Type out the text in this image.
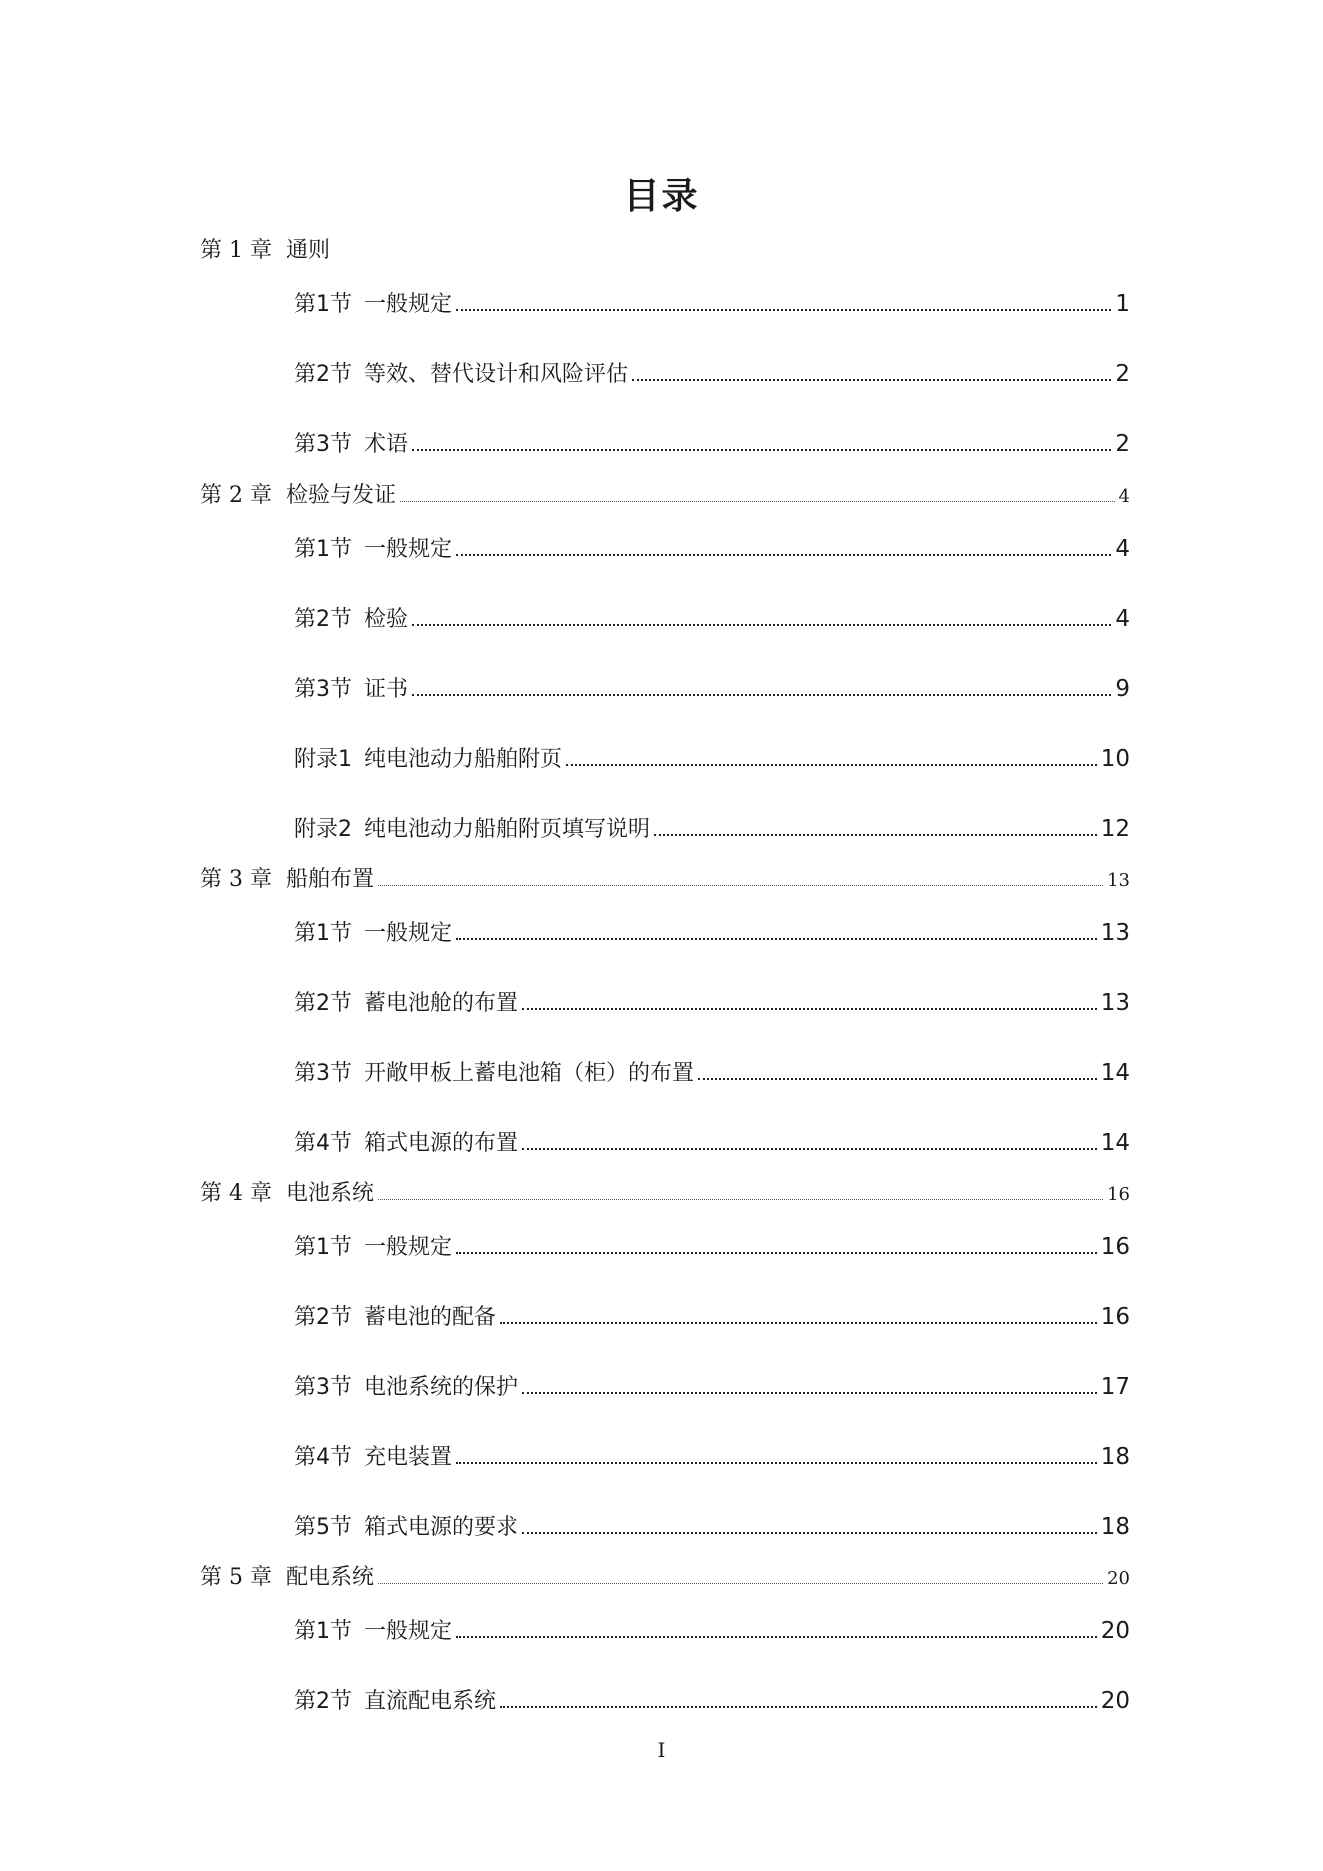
目录
第 1 章 通则
第1节 一般规定	1
第2节 等效、替代设计和风险评估	2
第3节 术语	2
第 2 章 检验与发证	4
第1节 一般规定	4
第2节 检验	4
第3节 证书	9
附录1 纯电池动力船舶附页	10
附录2 纯电池动力船舶附页填写说明	12
第 3 章 船舶布置	13
第1节 一般规定	13
第2节 蓄电池舱的布置	13
第3节 开敞甲板上蓄电池箱（柜）的布置	14
第4节 箱式电源的布置	14
第 4 章 电池系统	16
第1节 一般规定	16
第2节 蓄电池的配备	16
第3节 电池系统的保护	17
第4节 充电装置	18
第5节 箱式电源的要求	18
第 5 章 配电系统	20
第1节 一般规定	20
第2节 直流配电系统	20
I
